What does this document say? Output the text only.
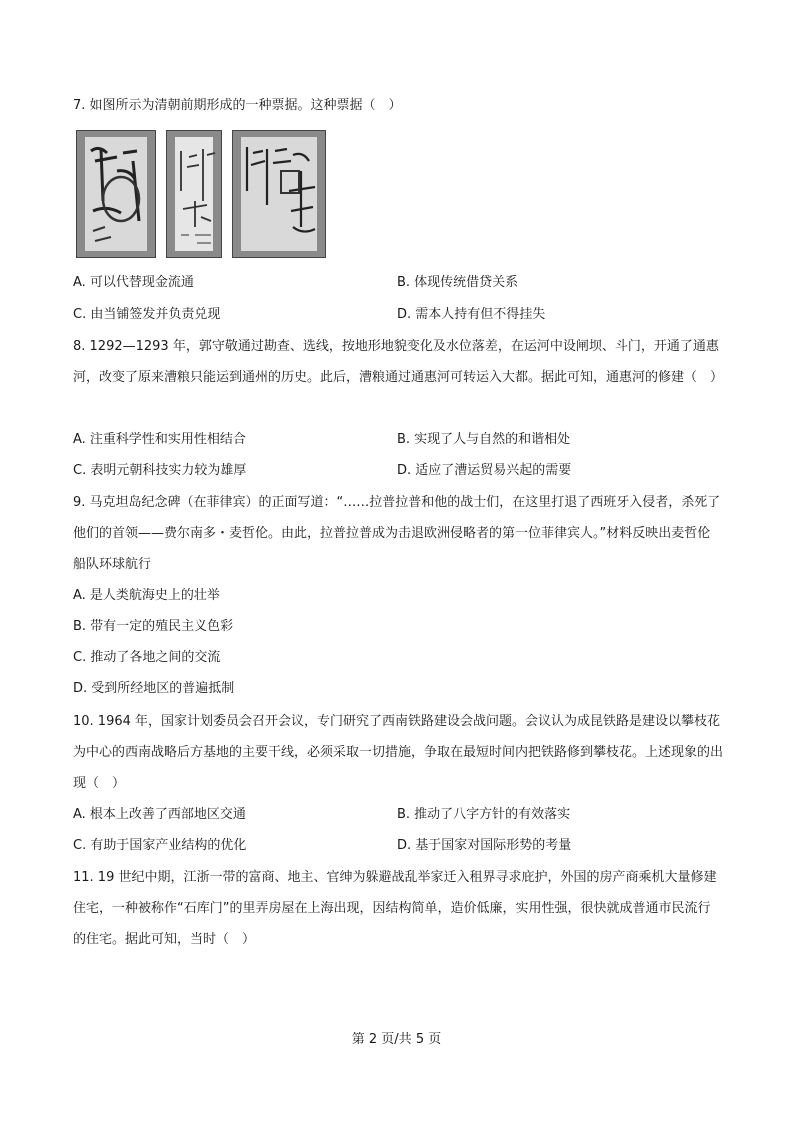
7. 如图所示为清朝前期形成的一种票据。这种票据（　）
A. 可以代替现金流通	B. 体现传统借贷关系
C. 由当铺签发并负责兑现	D. 需本人持有但不得挂失
8. 1292—1293 年，郭守敬通过勘查、选线，按地形地貌变化及水位落差，在运河中设闸坝、斗门，开通了通惠河，改变了原来漕粮只能运到通州的历史。此后，漕粮通过通惠河可转运入大都。据此可知，通惠河的修建（　）
A. 注重科学性和实用性相结合	B. 实现了人与自然的和谐相处
C. 表明元朝科技实力较为雄厚	D. 适应了漕运贸易兴起的需要
9. 马克坦岛纪念碑（在菲律宾）的正面写道：“……拉普拉普和他的战士们，在这里打退了西班牙入侵者，杀死了他们的首领——费尔南多・麦哲伦。由此，拉普拉普成为击退欧洲侵略者的第一位菲律宾人。”材料反映出麦哲伦船队环球航行
A. 是人类航海史上的壮举
B. 带有一定的殖民主义色彩
C. 推动了各地之间的交流
D. 受到所经地区的普遍抵制
10. 1964 年，国家计划委员会召开会议，专门研究了西南铁路建设会战问题。会议认为成昆铁路是建设以攀枝花为中心的西南战略后方基地的主要干线，必须采取一切措施，争取在最短时间内把铁路修到攀枝花。上述现象的出现（　）
A. 根本上改善了西部地区交通	B. 推动了八字方针的有效落实
C. 有助于国家产业结构的优化	D. 基于国家对国际形势的考量
11. 19 世纪中期，江浙一带的富商、地主、官绅为躲避战乱举家迁入租界寻求庇护，外国的房产商乘机大量修建住宅，一种被称作“石库门”的里弄房屋在上海出现，因结构简单，造价低廉，实用性强，很快就成普通市民流行的住宅。据此可知，当时（　）
第 2 页/共 5 页
